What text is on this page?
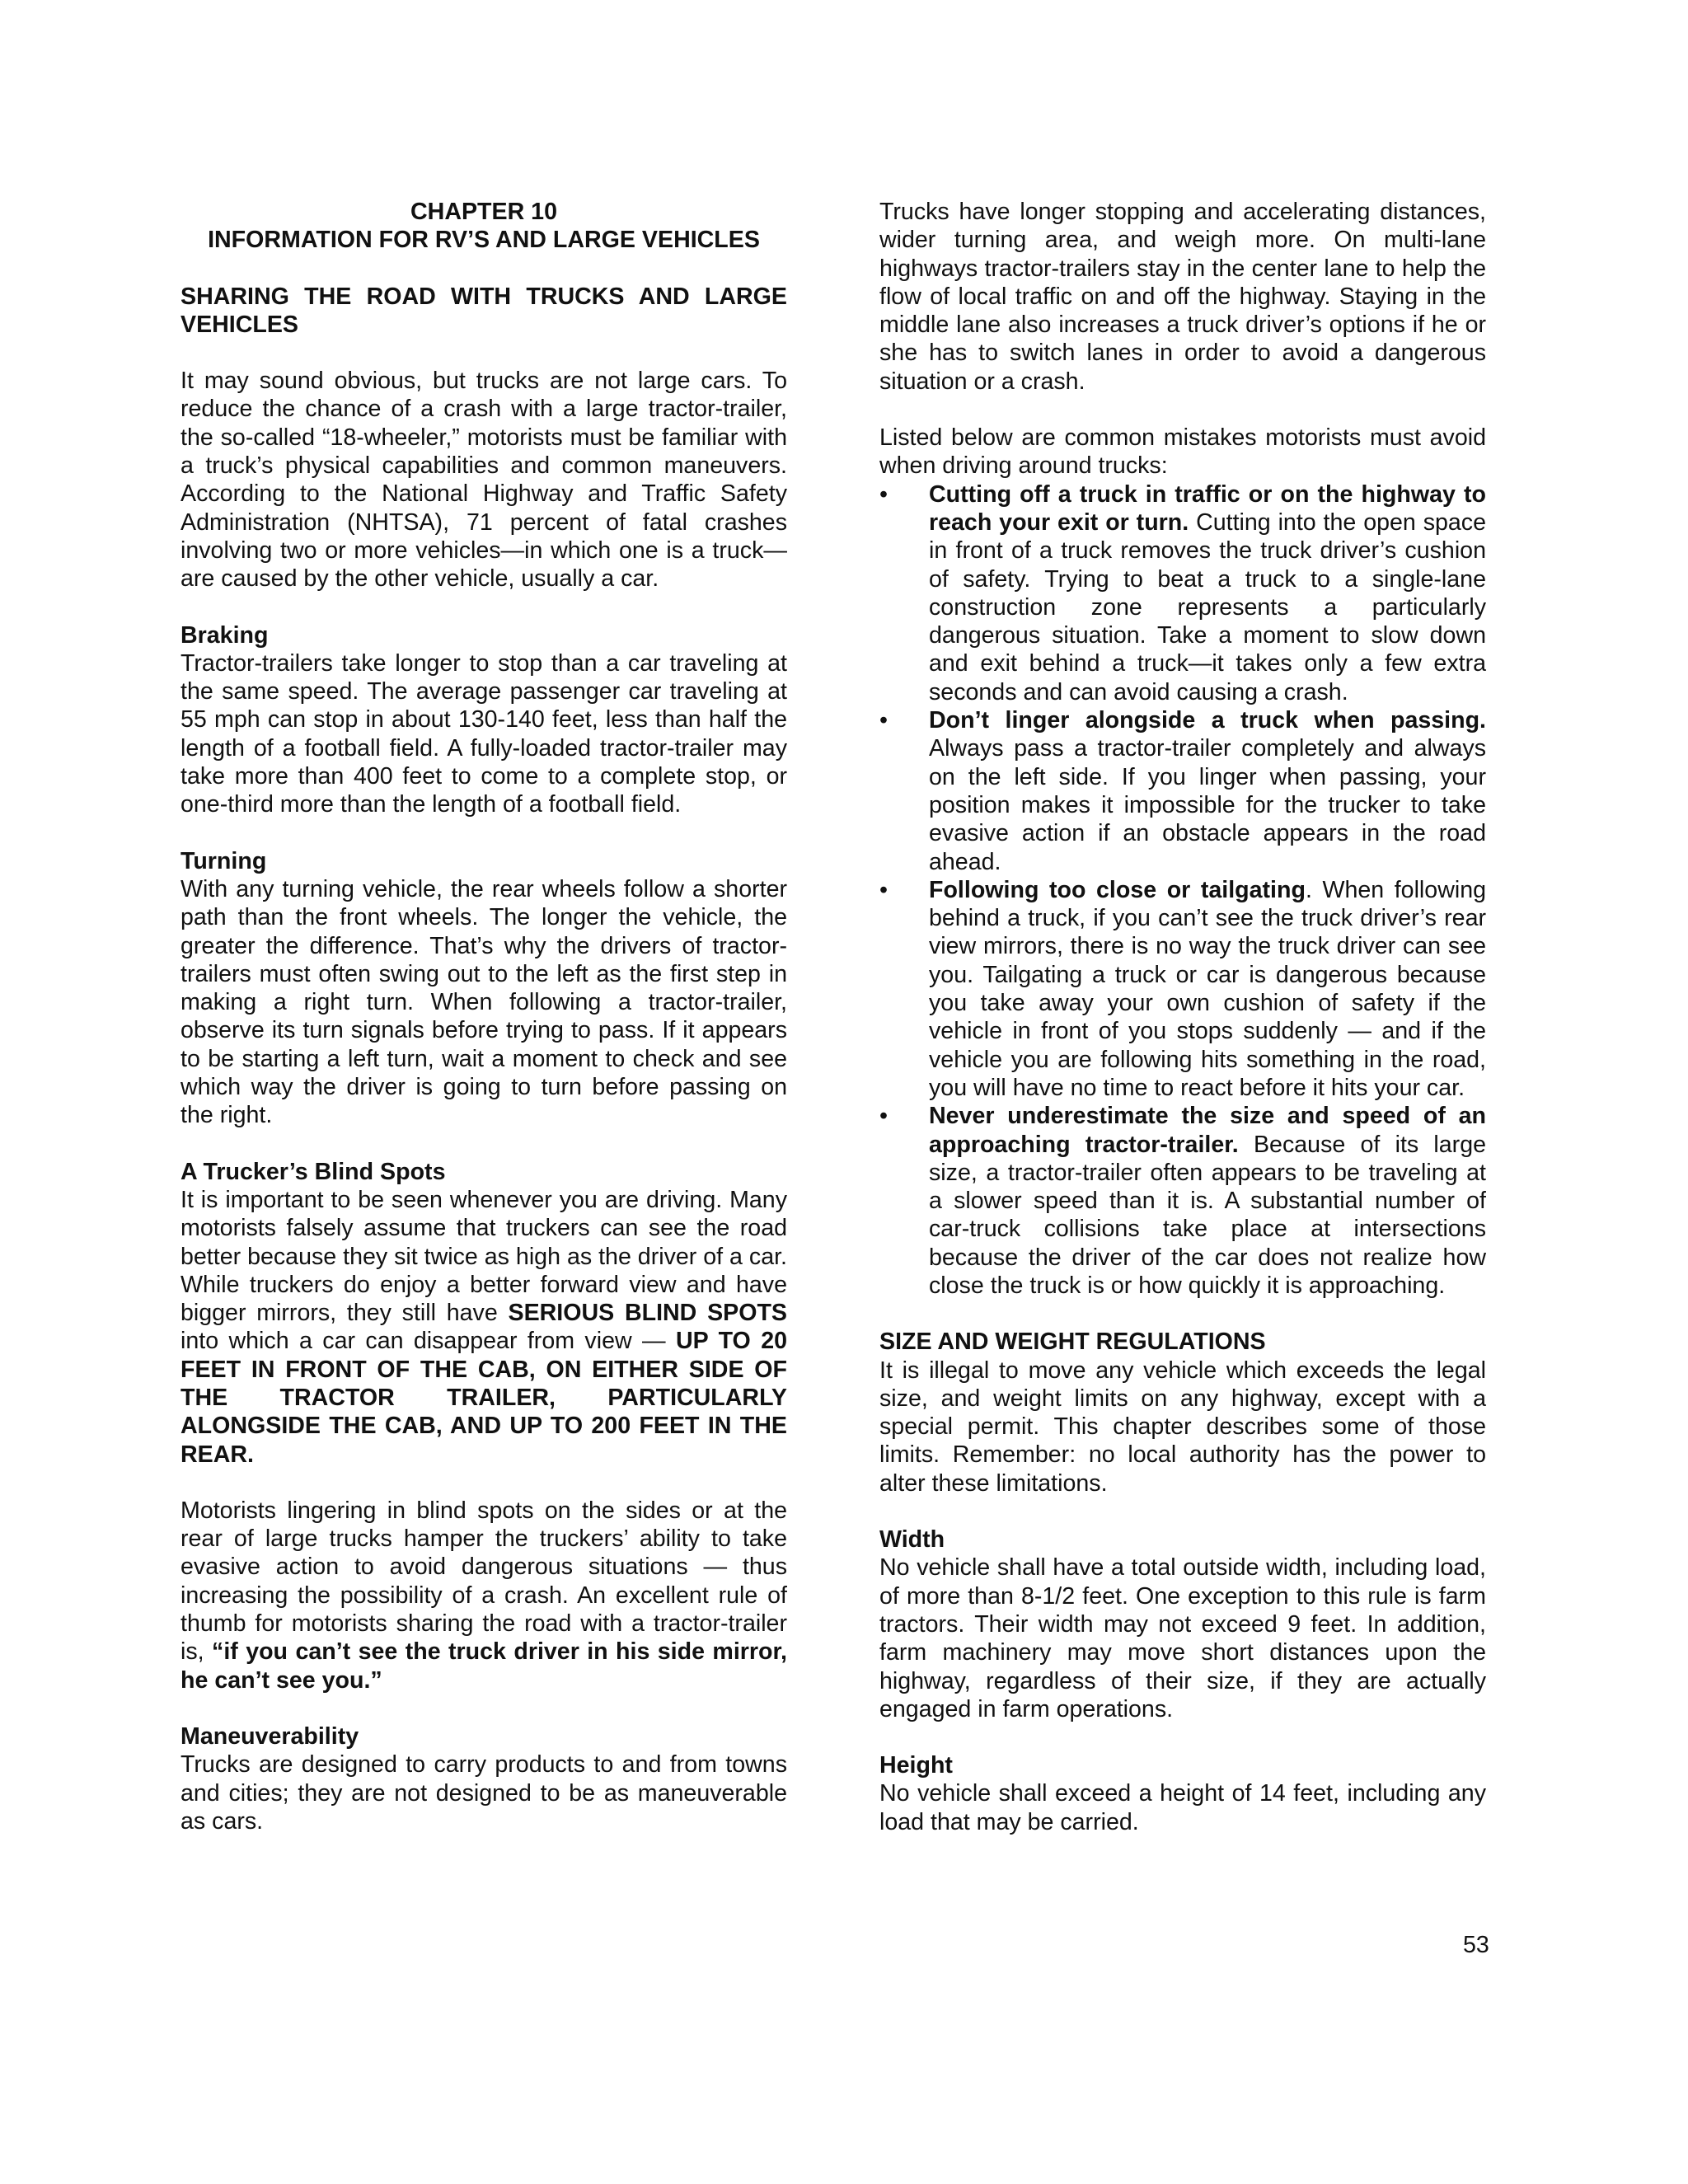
CHAPTER 10

INFORMATION FOR RV’S AND LARGE VEHICLES

SHARING THE ROAD WITH TRUCKS AND LARGE VEHICLES

It may sound obvious, but trucks are not large cars. To reduce the chance of a crash with a large tractor-trailer, the so-called “18-wheeler,” motorists must be familiar with a truck’s physical capabilities and common maneuvers. According to the National Highway and Traffic Safety Administration (NHTSA), 71 percent of fatal crashes involving two or more vehicles—in which one is a truck—are caused by the other vehicle, usually a car.

Braking

Tractor-trailers take longer to stop than a car traveling at the same speed. The average passenger car traveling at 55 mph can stop in about 130-140 feet, less than half the length of a football field. A fully-loaded tractor-trailer may take more than 400 feet to come to a complete stop, or one-third more than the length of a football field.

Turning

With any turning vehicle, the rear wheels follow a shorter path than the front wheels. The longer the vehicle, the greater the difference. That’s why the drivers of tractor-trailers must often swing out to the left as the first step in making a right turn. When following a tractor-trailer, observe its turn signals before trying to pass. If it appears to be starting a left turn, wait a moment to check and see which way the driver is going to turn before passing on the right.

A Trucker’s Blind Spots

It is important to be seen whenever you are driving. Many motorists falsely assume that truckers can see the road better because they sit twice as high as the driver of a car. While truckers do enjoy a better forward view and have bigger mirrors, they still have SERIOUS BLIND SPOTS into which a car can disappear from view — UP TO 20 FEET IN FRONT OF THE CAB, ON EITHER SIDE OF THE TRACTOR TRAILER, PARTICULARLY ALONGSIDE THE CAB, AND UP TO 200 FEET IN THE REAR.

Motorists lingering in blind spots on the sides or at the rear of large trucks hamper the truckers’ ability to take evasive action to avoid dangerous situations — thus increasing the possibility of a crash. An excellent rule of thumb for motorists sharing the road with a tractor-trailer is, “if you can’t see the truck driver in his side mirror, he can’t see you.”

Maneuverability

Trucks are designed to carry products to and from towns and cities; they are not designed to be as maneuverable as cars.

Trucks have longer stopping and accelerating distances, wider turning area, and weigh more. On multi-lane highways tractor-trailers stay in the center lane to help the flow of local traffic on and off the highway. Staying in the middle lane also increases a truck driver’s options if he or she has to switch lanes in order to avoid a dangerous situation or a crash.

Listed below are common mistakes motorists must avoid when driving around trucks:

•	Cutting off a truck in traffic or on the highway to reach your exit or turn. Cutting into the open space in front of a truck removes the truck driver’s cushion of safety. Trying to beat a truck to a single-lane construction zone represents a particularly dangerous situation. Take a moment to slow down and exit behind a truck—it takes only a few extra seconds and can avoid causing a crash.
•	Don’t linger alongside a truck when passing. Always pass a tractor-trailer completely and always on the left side. If you linger when passing, your position makes it impossible for the trucker to take evasive action if an obstacle appears in the road ahead.
•	Following too close or tailgating. When following behind a truck, if you can’t see the truck driver’s rear view mirrors, there is no way the truck driver can see you. Tailgating a truck or car is dangerous because you take away your own cushion of safety if the vehicle in front of you stops suddenly — and if the vehicle you are following hits something in the road, you will have no time to react before it hits your car.
•	Never underestimate the size and speed of an approaching tractor-trailer. Because of its large size, a tractor-trailer often appears to be traveling at a slower speed than it is. A substantial number of car-truck collisions take place at intersections because the driver of the car does not realize how close the truck is or how quickly it is approaching.

SIZE AND WEIGHT REGULATIONS

It is illegal to move any vehicle which exceeds the legal size, and weight limits on any highway, except with a special permit. This chapter describes some of those limits. Remember: no local authority has the power to alter these limitations.

Width

No vehicle shall have a total outside width, including load, of more than 8-1/2 feet. One exception to this rule is farm tractors. Their width may not exceed 9 feet. In addition, farm machinery may move short distances upon the highway, regardless of their size, if they are actually engaged in farm operations.

Height

No vehicle shall exceed a height of 14 feet, including any load that may be carried.

53
